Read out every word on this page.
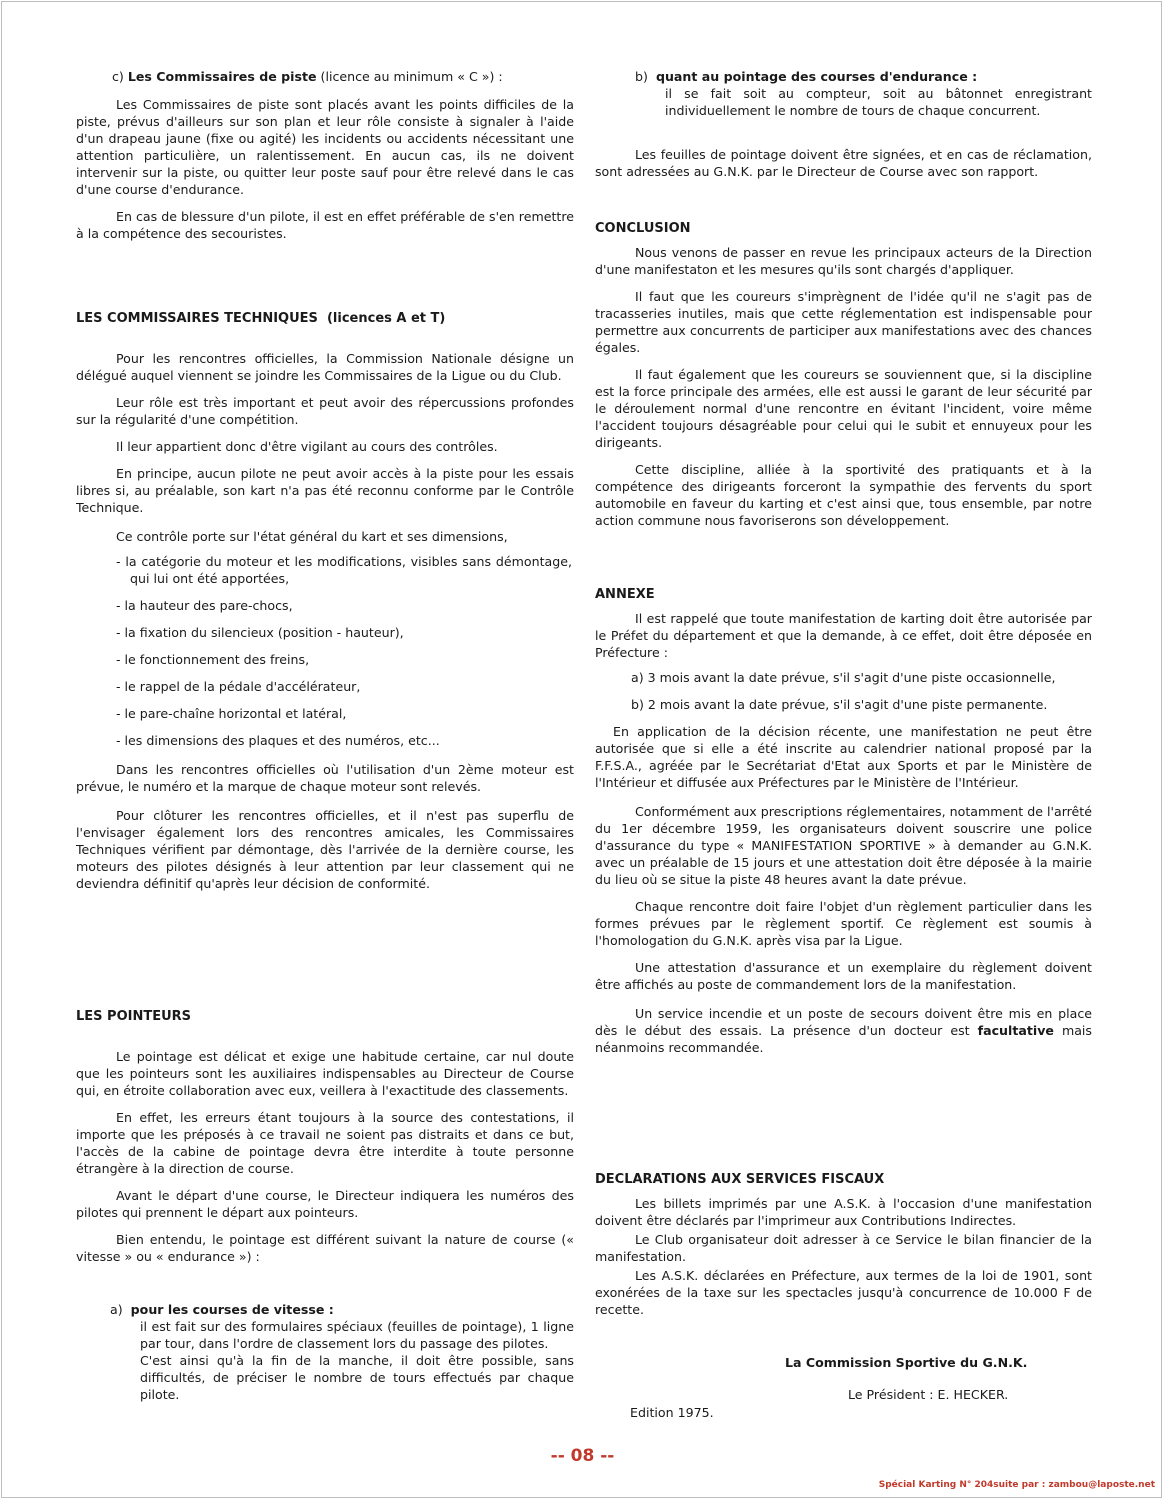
c) Les Commissaires de piste (licence au minimum « C ») :

Les Commissaires de piste sont placés avant les points difficiles de la piste, prévus d'ailleurs sur son plan et leur rôle consiste à signaler à l'aide d'un drapeau jaune (fixe ou agité) les incidents ou accidents nécessitant une attention particulière, un ralentissement. En aucun cas, ils ne doivent intervenir sur la piste, ou quitter leur poste sauf pour être relevé dans le cas d'une course d'endurance.

En cas de blessure d'un pilote, il est en effet préférable de s'en remettre à la compétence des secouristes.

LES COMMISSAIRES TECHNIQUES (licences A et T)

Pour les rencontres officielles, la Commission Nationale désigne un délégué auquel viennent se joindre les Commissaires de la Ligue ou du Club.

Leur rôle est très important et peut avoir des répercussions profondes sur la régularité d'une compétition.

Il leur appartient donc d'être vigilant au cours des contrôles.

En principe, aucun pilote ne peut avoir accès à la piste pour les essais libres si, au préalable, son kart n'a pas été reconnu conforme par le Contrôle Technique.

Ce contrôle porte sur l'état général du kart et ses dimensions,

- la catégorie du moteur et les modifications, visibles sans démontage, qui lui ont été apportées,

- la hauteur des pare-chocs,

- la fixation du silencieux (position - hauteur),

- le fonctionnement des freins,

- le rappel de la pédale d'accélérateur,

- le pare-chaîne horizontal et latéral,

- les dimensions des plaques et des numéros, etc...

Dans les rencontres officielles où l'utilisation d'un 2ème moteur est prévue, le numéro et la marque de chaque moteur sont relevés.

Pour clôturer les rencontres officielles, et il n'est pas superflu de l'envisager également lors des rencontres amicales, les Commissaires Techniques vérifient par démontage, dès l'arrivée de la dernière course, les moteurs des pilotes désignés à leur attention par leur classement qui ne deviendra définitif qu'après leur décision de conformité.

LES POINTEURS

Le pointage est délicat et exige une habitude certaine, car nul doute que les pointeurs sont les auxiliaires indispensables au Directeur de Course qui, en étroite collaboration avec eux, veillera à l'exactitude des classements.

En effet, les erreurs étant toujours à la source des contestations, il importe que les préposés à ce travail ne soient pas distraits et dans ce but, l'accès de la cabine de pointage devra être interdite à toute personne étrangère à la direction de course.

Avant le départ d'une course, le Directeur indiquera les numéros des pilotes qui prennent le départ aux pointeurs.

Bien entendu, le pointage est différent suivant la nature de course (« vitesse » ou « endurance ») :

a) pour les courses de vitesse :

il est fait sur des formulaires spéciaux (feuilles de pointage), 1 ligne par tour, dans l'ordre de classement lors du passage des pilotes.

C'est ainsi qu'à la fin de la manche, il doit être possible, sans difficultés, de préciser le nombre de tours effectués par chaque pilote.

b) quant au pointage des courses d'endurance :

il se fait soit au compteur, soit au bâtonnet enregistrant individuellement le nombre de tours de chaque concurrent.

Les feuilles de pointage doivent être signées, et en cas de réclamation, sont adressées au G.N.K. par le Directeur de Course avec son rapport.

CONCLUSION

Nous venons de passer en revue les principaux acteurs de la Direction d'une manifestaton et les mesures qu'ils sont chargés d'appliquer.

Il faut que les coureurs s'imprègnent de l'idée qu'il ne s'agit pas de tracasseries inutiles, mais que cette réglementation est indispensable pour permettre aux concurrents de participer aux manifestations avec des chances égales.

Il faut également que les coureurs se souviennent que, si la discipline est la force principale des armées, elle est aussi le garant de leur sécurité par le déroulement normal d'une rencontre en évitant l'incident, voire même l'accident toujours désagréable pour celui qui le subit et ennuyeux pour les dirigeants.

Cette discipline, alliée à la sportivité des pratiquants et à la compétence des dirigeants forceront la sympathie des fervents du sport automobile en faveur du karting et c'est ainsi que, tous ensemble, par notre action commune nous favoriserons son développement.

ANNEXE

Il est rappelé que toute manifestation de karting doit être autorisée par le Préfet du département et que la demande, à ce effet, doit être déposée en Préfecture :

a) 3 mois avant la date prévue, s'il s'agit d'une piste occasionnelle,

b) 2 mois avant la date prévue, s'il s'agit d'une piste permanente.

En application de la décision récente, une manifestation ne peut être autorisée que si elle a été inscrite au calendrier national proposé par la F.F.S.A., agréée par le Secrétariat d'Etat aux Sports et par le Ministère de l'Intérieur et diffusée aux Préfectures par le Ministère de l'Intérieur.

Conformément aux prescriptions réglementaires, notamment de l'arrêté du 1er décembre 1959, les organisateurs doivent souscrire une police d'assurance du type « MANIFESTATION SPORTIVE » à demander au G.N.K. avec un préalable de 15 jours et une attestation doit être déposée à la mairie du lieu où se situe la piste 48 heures avant la date prévue.

Chaque rencontre doit faire l'objet d'un règlement particulier dans les formes prévues par le règlement sportif. Ce règlement est soumis à l'homologation du G.N.K. après visa par la Ligue.

Une attestation d'assurance et un exemplaire du règlement doivent être affichés au poste de commandement lors de la manifestation.

Un service incendie et un poste de secours doivent être mis en place dès le début des essais. La présence d'un docteur est facultative mais néanmoins recommandée.

DECLARATIONS AUX SERVICES FISCAUX

Les billets imprimés par une A.S.K. à l'occasion d'une manifestation doivent être déclarés par l'imprimeur aux Contributions Indirectes.

Le Club organisateur doit adresser à ce Service le bilan financier de la manifestation.

Les A.S.K. déclarées en Préfecture, aux termes de la loi de 1901, sont exonérées de la taxe sur les spectacles jusqu'à concurrence de 10.000 F de recette.

La Commission Sportive du G.N.K.

Le Président : E. HECKER.

Edition 1975.

-- 08 --
Spécial Karting N° 204suite par : zambou@laposte.net
